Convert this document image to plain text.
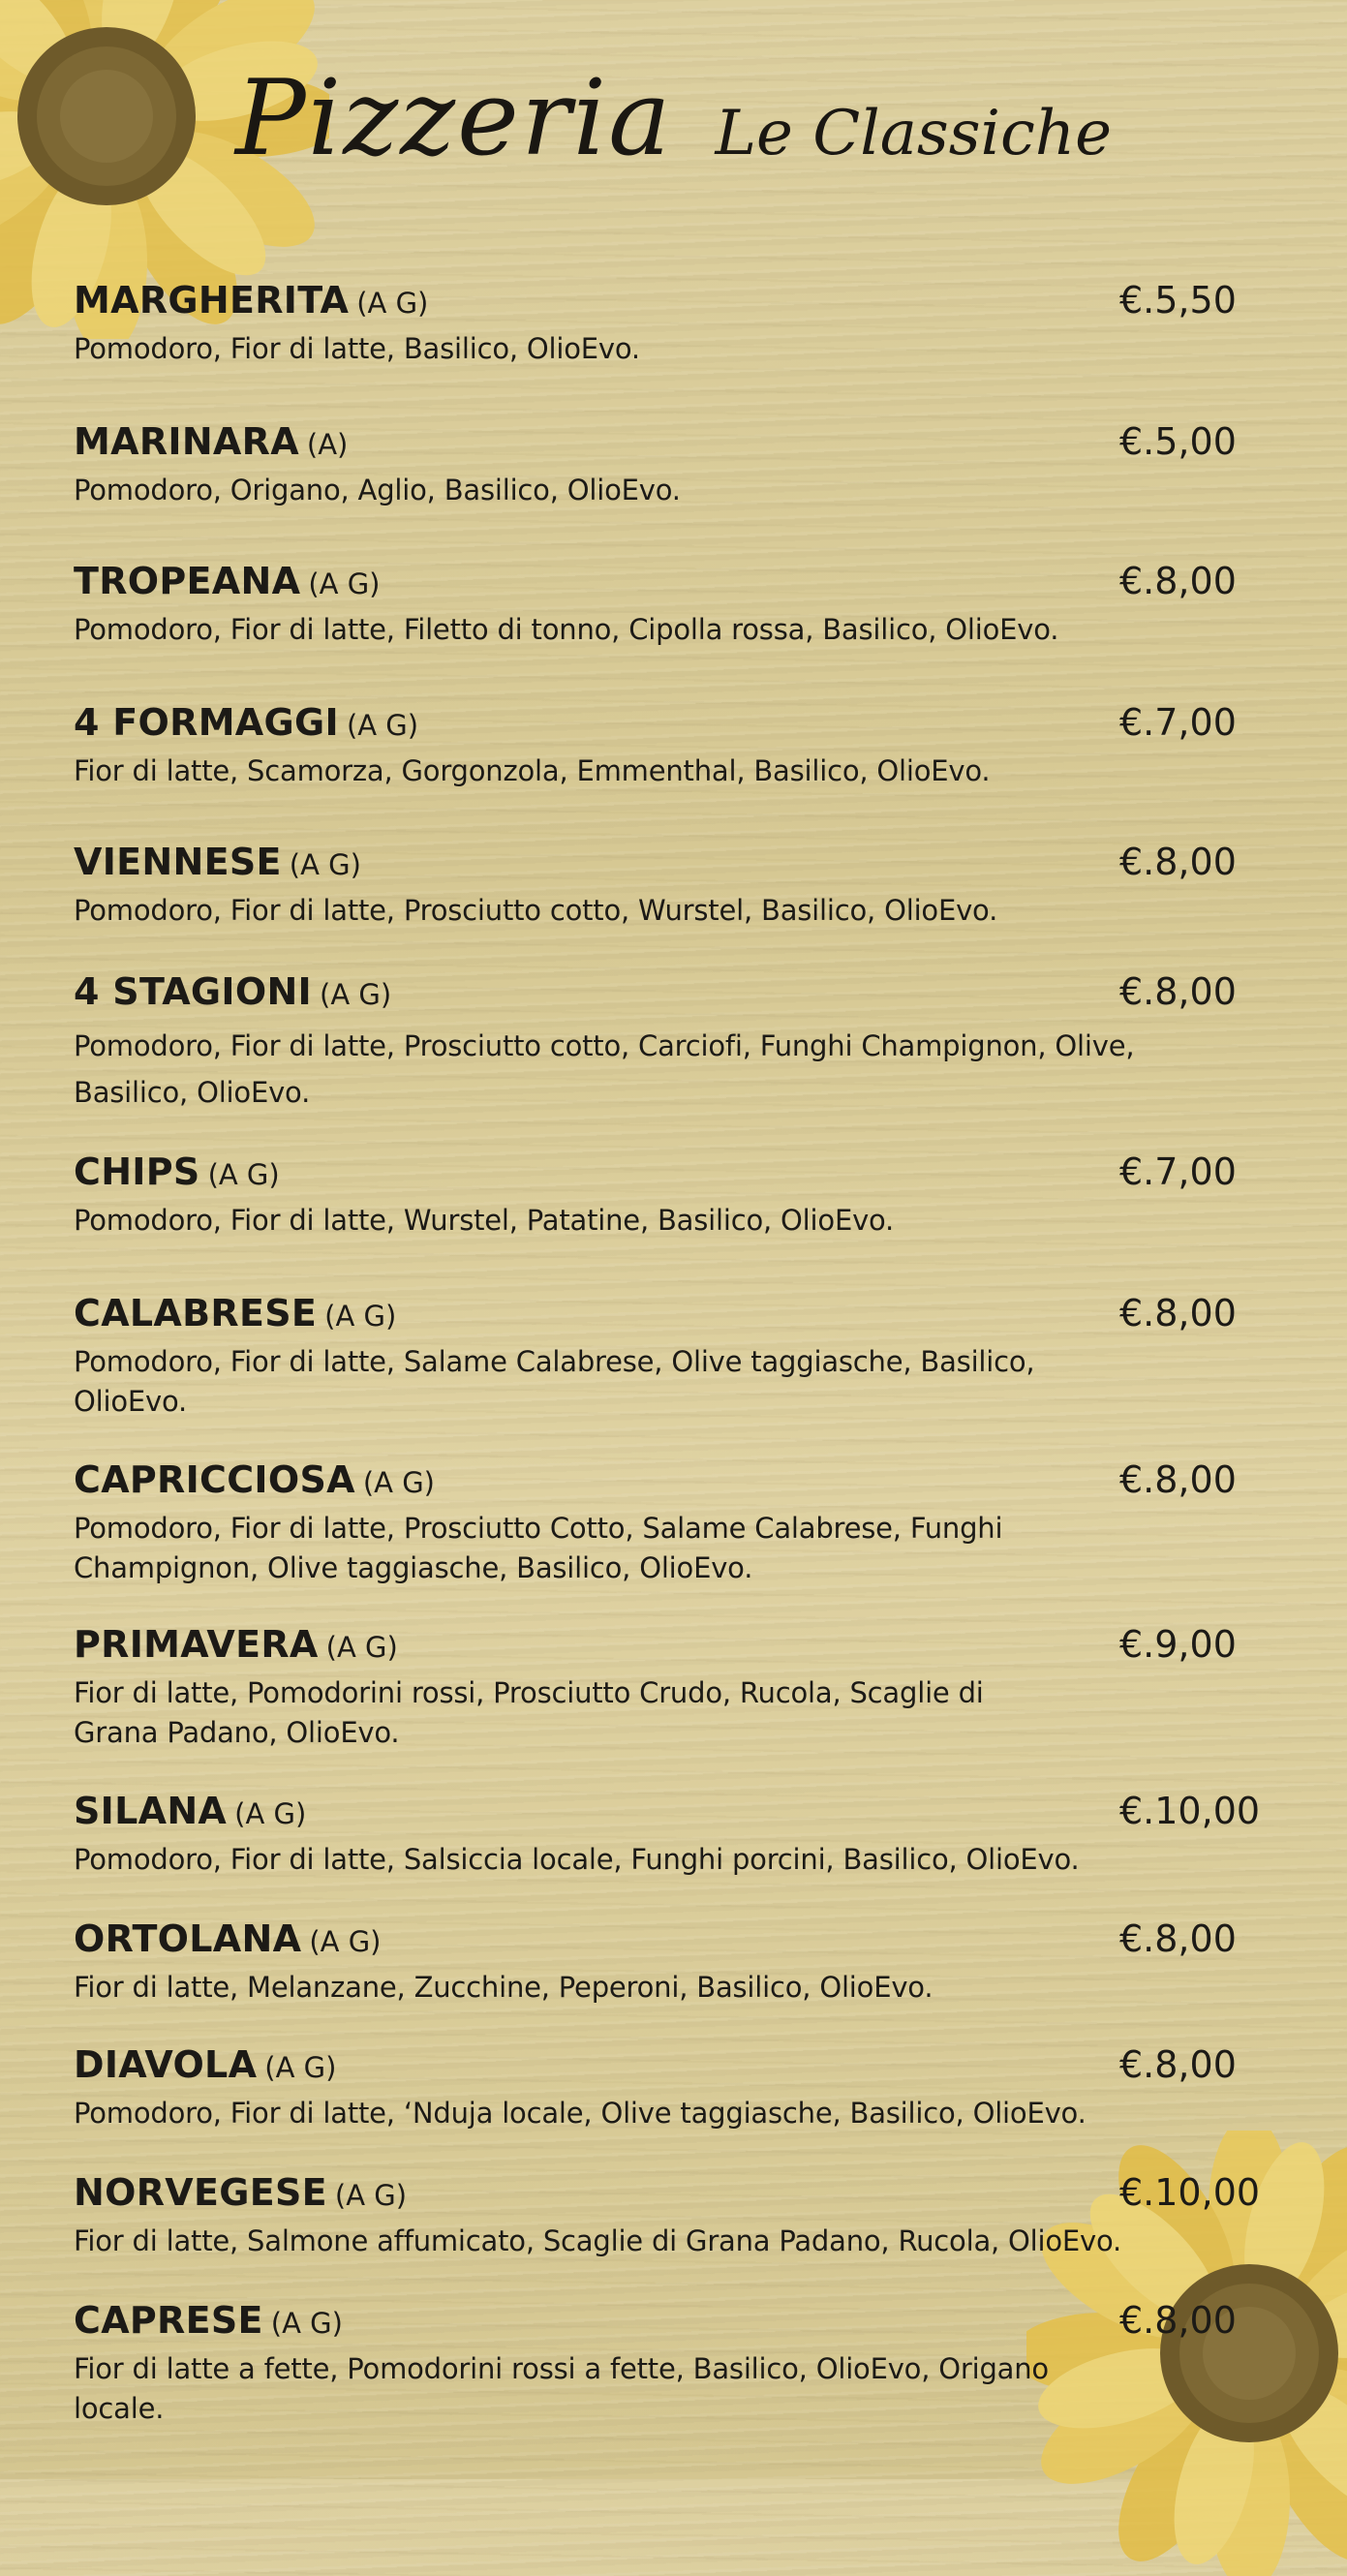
Pizzeria Le Classiche
MARGHERITA (A G)	€.5,50
Pomodoro, Fior di latte, Basilico, OlioEvo.
MARINARA (A)	€.5,00
Pomodoro, Origano, Aglio, Basilico, OlioEvo.
TROPEANA (A G)	€.8,00
Pomodoro, Fior di latte, Filetto di tonno, Cipolla rossa, Basilico, OlioEvo.
4 FORMAGGI (A G)	€.7,00
Fior di latte, Scamorza, Gorgonzola, Emmenthal, Basilico, OlioEvo.
VIENNESE (A G)	€.8,00
Pomodoro, Fior di latte, Prosciutto cotto, Wurstel, Basilico, OlioEvo.
4 STAGIONI (A G)	€.8,00
Pomodoro, Fior di latte, Prosciutto cotto, Carciofi, Funghi Champignon, Olive, Basilico, OlioEvo.
CHIPS (A G)	€.7,00
Pomodoro, Fior di latte, Wurstel, Patatine, Basilico, OlioEvo.
CALABRESE (A G)	€.8,00
Pomodoro, Fior di latte, Salame Calabrese, Olive taggiasche, Basilico, OlioEvo.
CAPRICCIOSA (A G)	€.8,00
Pomodoro, Fior di latte, Prosciutto Cotto, Salame Calabrese, Funghi Champignon, Olive taggiasche, Basilico, OlioEvo.
PRIMAVERA (A G)	€.9,00
Fior di latte, Pomodorini rossi, Prosciutto Crudo, Rucola, Scaglie di Grana Padano, OlioEvo.
SILANA (A G)	€.10,00
Pomodoro, Fior di latte, Salsiccia locale, Funghi porcini, Basilico, OlioEvo.
ORTOLANA (A G)	€.8,00
Fior di latte, Melanzane, Zucchine, Peperoni, Basilico, OlioEvo.
DIAVOLA (A G)	€.8,00
Pomodoro, Fior di latte, ‘Nduja locale, Olive taggiasche, Basilico, OlioEvo.
NORVEGESE (A G)	€.10,00
Fior di latte, Salmone affumicato, Scaglie di Grana Padano, Rucola, OlioEvo.
CAPRESE (A G)	€.8,00
Fior di latte a fette, Pomodorini rossi a fette, Basilico, OlioEvo, Origano locale.
